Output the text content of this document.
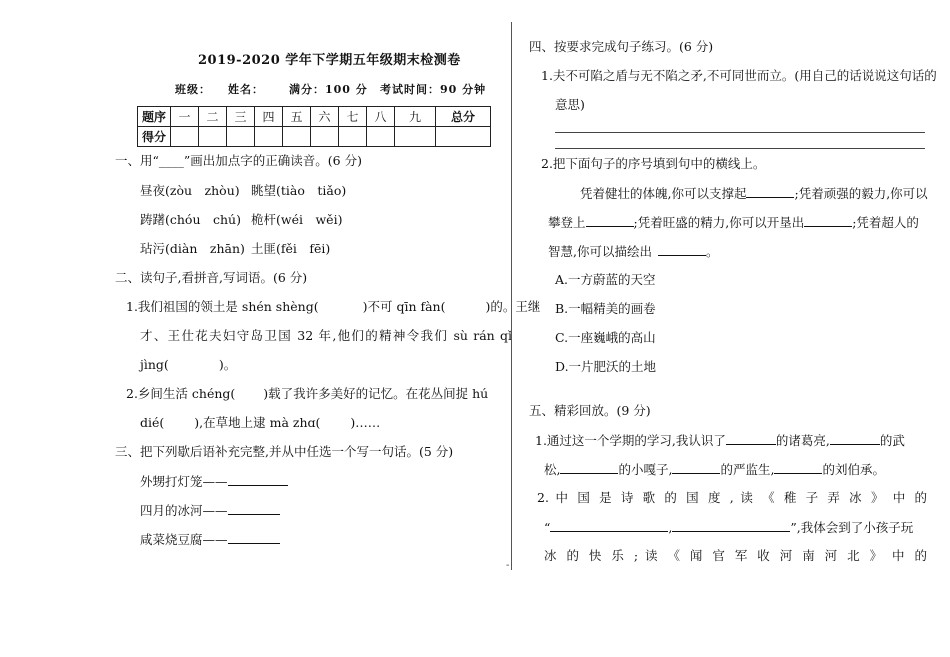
2019-2020 学年下学期五年级期末检测卷
班级： 姓名： 满分：100 分 考试时间：90 分钟
题序	一	二	三	四	五	六	七	八	九	总分
得分										
一、用“____”画出加点字的正确读音。(6 分)
昼夜(zòu　zhòu) 眺望(tiào　tiǎo)
踌躇(chóu　chú) 桅杆(wéi　wěi)
玷污(diàn　zhān) 土匪(fěi　fēi)
二、读句子,看拼音,写词语。(6 分)
1.我们祖国的领土是 shén shèng(	)不可 qīn fàn(	)的。王继
才、王仕花夫妇守岛卫国 32 年,他们的精神令我们 sù rán qǐ
jìng(	)。
2.乡间生活 chéng( )载了我许多美好的记忆。在花丛间捉 hú
dié( ),在草地上逮 mà zhɑ( )……
三、把下列歇后语补充完整,并从中任选一个写一句话。(5 分)
外甥打灯笼——
四月的冰河——
咸菜烧豆腐——
-
四、按要求完成句子练习。(6 分)
1.夫不可陷之盾与无不陷之矛,不可同世而立。(用自己的话说说这句话的
意思)
2.把下面句子的序号填到句中的横线上。
凭着健壮的体魄,你可以支撑起	;凭着顽强的毅力,你可以
攀登上	;凭着旺盛的精力,你可以开垦出	;凭着超人的
智慧,你可以描绘出	。
A.一方蔚蓝的天空
B.一幅精美的画卷
C.一座巍峨的高山
D.一片肥沃的土地
五、精彩回放。(9 分)
1.通过这一个学期的学习,我认识了	的诸葛亮,	的武
松,	的小嘎子,	的严监生,	的刘伯承。
2. 中 国 是 诗 歌 的 国 度 , 读 《 稚 子 弄 冰 》 中 的
“	,	”,我体会到了小孩子玩
冰 的 快 乐 ; 读 《 闻 官 军 收 河 南 河 北 》 中 的
